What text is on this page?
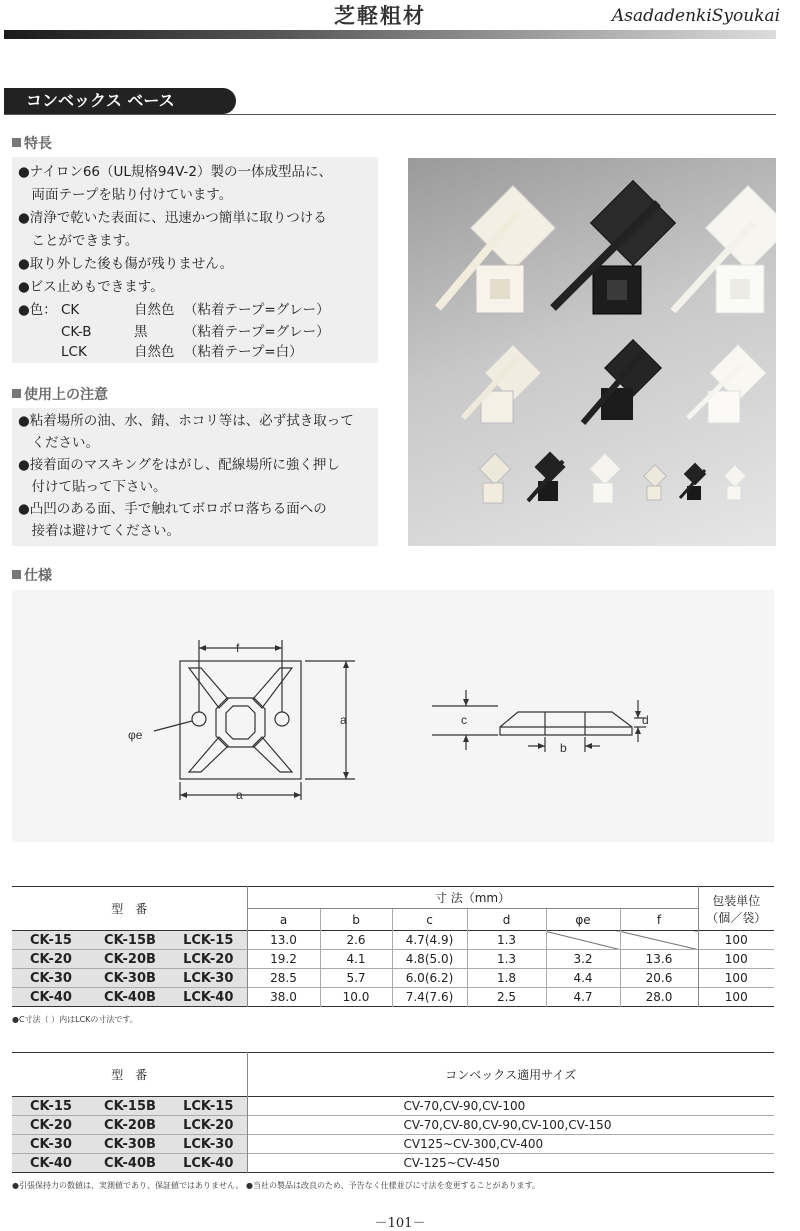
芝軽粗材	AsadadenkiSyoukai
コンベックス ベース
特長
●ナイロン66（UL規格94V-2）製の一体成型品に、
　両面テープを貼り付けています。
●清浄で乾いた表面に、迅速かつ簡単に取りつける
　ことができます。
●取り外した後も傷が残りません。
●ビス止めもできます。
●色： CK	自然色 （粘着テープ=グレー）
CK-B	黒	（粘着テープ=グレー）
LCK	自然色 （粘着テープ=白）
使用上の注意
●粘着場所の油、水、錆、ホコリ等は、必ず拭き取って
　ください。
●接着面のマスキングをはがし、配線場所に強く押し
　付けて貼って下さい。
●凸凹のある面、手で触れてボロボロ落ちる面への
　接着は避けてください。
仕様
f
a
a
φe
c	d
b
型　番			寸 法（mm）						包装単位
			a	b	c	d	φe	f	（個／袋）
CK-15	CK-15B	LCK-15	13.0	2.6	4.7(4.9)	1.3			100
CK-20	CK-20B	LCK-20	19.2	4.1	4.8(5.0)	1.3	3.2	13.6	100
CK-30	CK-30B	LCK-30	28.5	5.7	6.0(6.2)	1.8	4.4	20.6	100
CK-40	CK-40B	LCK-40	38.0	10.0	7.4(7.6)	2.5	4.7	28.0	100
●C寸法（ ）内はLCKの寸法です。
型　番			コンベックス適用サイズ
CK-15	CK-15B	LCK-15	CV-70,CV-90,CV-100
CK-20	CK-20B	LCK-20	CV-70,CV-80,CV-90,CV-100,CV-150
CK-30	CK-30B	LCK-30	CV125~CV-300,CV-400
CK-40	CK-40B	LCK-40	CV-125~CV-450
●引張保持力の数値は、実測値であり、保証値ではありません。 ●当社の製品は改良のため、予告なく仕様並びに寸法を変更することがあります。
－101－
